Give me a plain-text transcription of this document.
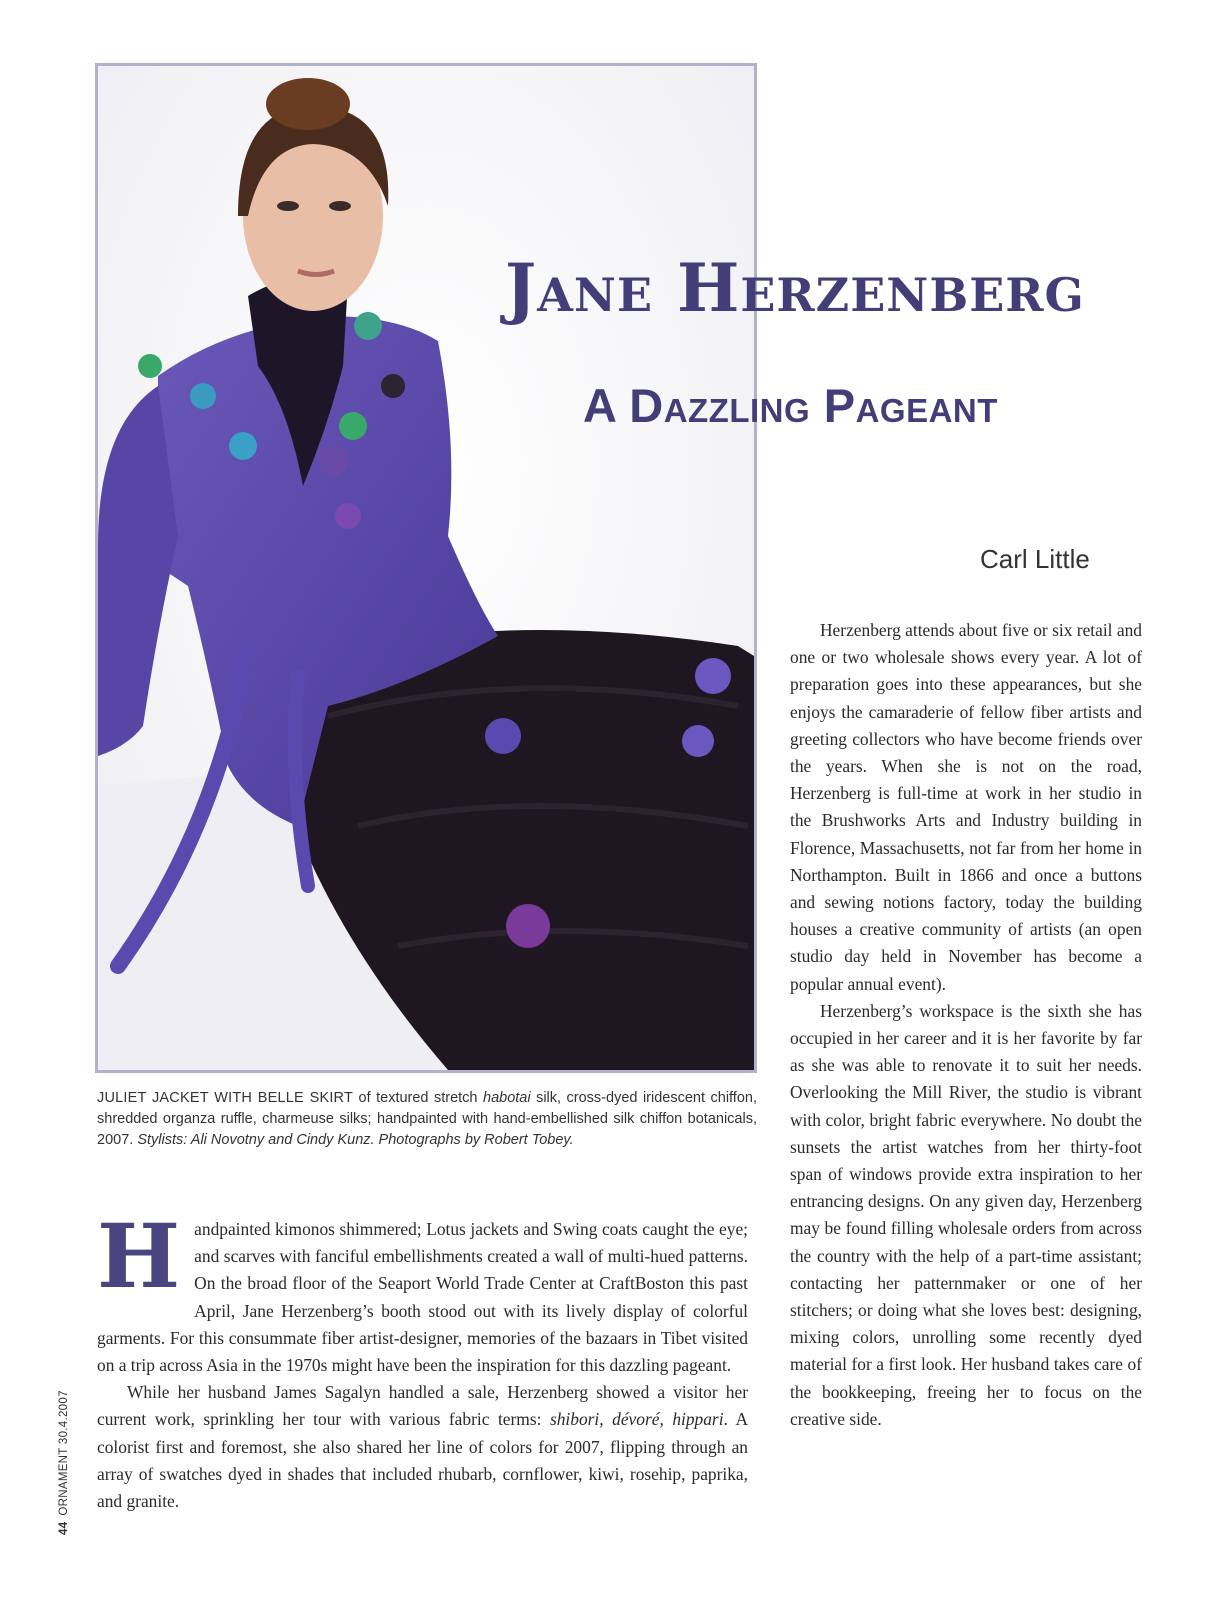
Jane Herzenberg
A Dazzling Pageant

Carl Little

JULIET JACKET WITH BELLE SKIRT of textured stretch habotai silk, cross-dyed iridescent chiffon, shredded organza ruffle, charmeuse silks; handpainted with hand-embellished silk chiffon botanicals, 2007. Stylists: Ali Novotny and Cindy Kunz. Photographs by Robert Tobey.

Handpainted kimonos shimmered; Lotus jackets and Swing coats caught the eye; and scarves with fanciful embellishments created a wall of multi-hued patterns. On the broad floor of the Seaport World Trade Center at CraftBoston this past April, Jane Herzenberg’s booth stood out with its lively display of colorful garments. For this consummate fiber artist-designer, memories of the bazaars in Tibet visited on a trip across Asia in the 1970s might have been the inspiration for this dazzling pageant.

While her husband James Sagalyn handled a sale, Herzenberg showed a visitor her current work, sprinkling her tour with various fabric terms: shibori, dévoré, hippari. A colorist first and foremost, she also shared her line of colors for 2007, flipping through an array of swatches dyed in shades that included rhubarb, cornflower, kiwi, rosehip, paprika, and granite.

Herzenberg attends about five or six retail and one or two wholesale shows every year. A lot of preparation goes into these appearances, but she enjoys the camaraderie of fellow fiber artists and greeting collectors who have become friends over the years. When she is not on the road, Herzenberg is full-time at work in her studio in the Brushworks Arts and Industry building in Florence, Massachusetts, not far from her home in Northampton. Built in 1866 and once a buttons and sewing notions factory, today the building houses a creative community of artists (an open studio day held in November has become a popular annual event).

Herzenberg’s workspace is the sixth she has occupied in her career and it is her favorite by far as she was able to renovate it to suit her needs. Overlooking the Mill River, the studio is vibrant with color, bright fabric everywhere. No doubt the sunsets the artist watches from her thirty-foot span of windows provide extra inspiration to her entrancing designs. On any given day, Herzenberg may be found filling wholesale orders from across the country with the help of a part-time assistant; contacting her patternmaker or one of her stitchers; or doing what she loves best: designing, mixing colors, unrolling some recently dyed material for a first look. Her husband takes care of the bookkeeping, freeing her to focus on the creative side.

44ORNAMENT 30.4.2007
